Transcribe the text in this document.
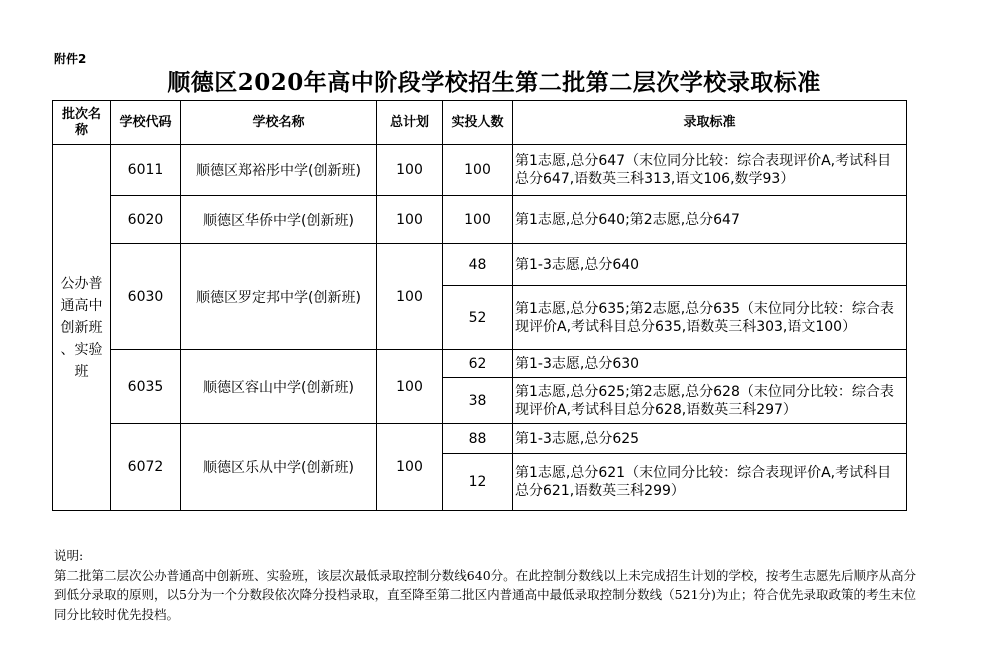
附件2
顺德区2020年高中阶段学校招生第二批第二层次学校录取标准
批次名
称	学校代码	学校名称	总计划	实投人数	录取标准
公办普
通高中
创新班
、实验
班	6011	顺德区郑裕彤中学(创新班)	100	100	第1志愿,总分647（末位同分比较：综合表现评价A,考试科目总分647,语数英三科313,语文106,数学93）
	6020	顺德区华侨中学(创新班)	100	100	第1志愿,总分640;第2志愿,总分647
	6030	顺德区罗定邦中学(创新班)	100	48	第1-3志愿,总分640
				52	第1志愿,总分635;第2志愿,总分635（末位同分比较：综合表现评价A,考试科目总分635,语数英三科303,语文100）
	6035	顺德区容山中学(创新班)	100	62	第1-3志愿,总分630
				38	第1志愿,总分625;第2志愿,总分628（末位同分比较：综合表现评价A,考试科目总分628,语数英三科297）
	6072	顺德区乐从中学(创新班)	100	88	第1-3志愿,总分625
				12	第1志愿,总分621（末位同分比较：综合表现评价A,考试科目总分621,语数英三科299）
说明:
第二批第二层次公办普通高中创新班、实验班，该层次最低录取控制分数线640分。在此控制分数线以上未完成招生计划的学校，按考生志愿先后顺序从高分到低分录取的原则，以5分为一个分数段依次降分投档录取，直至降至第二批区内普通高中最低录取控制分数线（521分)为止；符合优先录取政策的考生末位同分比较时优先投档。
